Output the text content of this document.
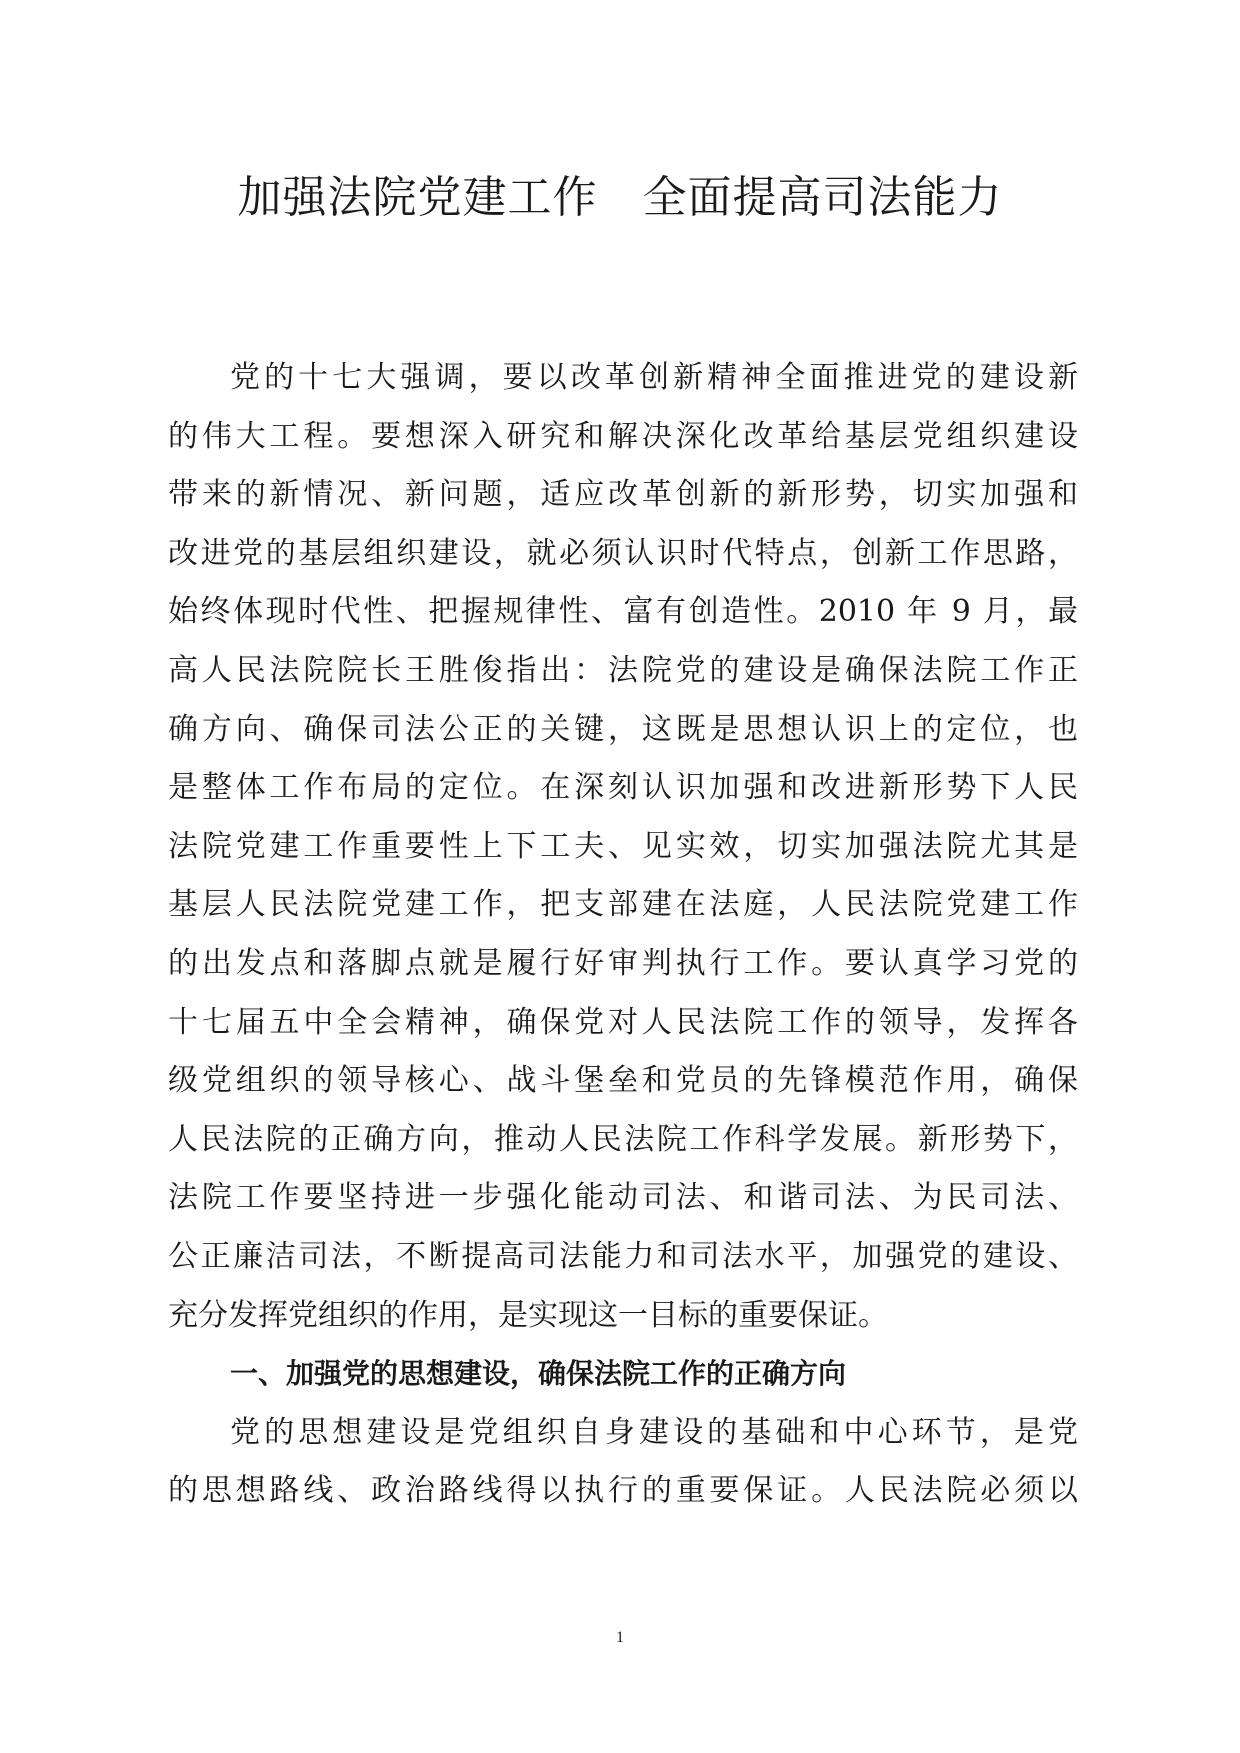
加强法院党建工作　全面提高司法能力
党的十七大强调，要以改革创新精神全面推进党的建设新
的伟大工程。要想深入研究和解决深化改革给基层党组织建设
带来的新情况、新问题，适应改革创新的新形势，切实加强和
改进党的基层组织建设，就必须认识时代特点，创新工作思路，
始终体现时代性、把握规律性、富有创造性。2010 年 9 月，最
高人民法院院长王胜俊指出：法院党的建设是确保法院工作正
确方向、确保司法公正的关键，这既是思想认识上的定位，也
是整体工作布局的定位。在深刻认识加强和改进新形势下人民
法院党建工作重要性上下工夫、见实效，切实加强法院尤其是
基层人民法院党建工作，把支部建在法庭，人民法院党建工作
的出发点和落脚点就是履行好审判执行工作。要认真学习党的
十七届五中全会精神，确保党对人民法院工作的领导，发挥各
级党组织的领导核心、战斗堡垒和党员的先锋模范作用，确保
人民法院的正确方向，推动人民法院工作科学发展。新形势下，
法院工作要坚持进一步强化能动司法、和谐司法、为民司法、
公正廉洁司法，不断提高司法能力和司法水平，加强党的建设、
充分发挥党组织的作用，是实现这一目标的重要保证。
一、加强党的思想建设，确保法院工作的正确方向
党的思想建设是党组织自身建设的基础和中心环节，是党
的思想路线、政治路线得以执行的重要保证。人民法院必须以
1
